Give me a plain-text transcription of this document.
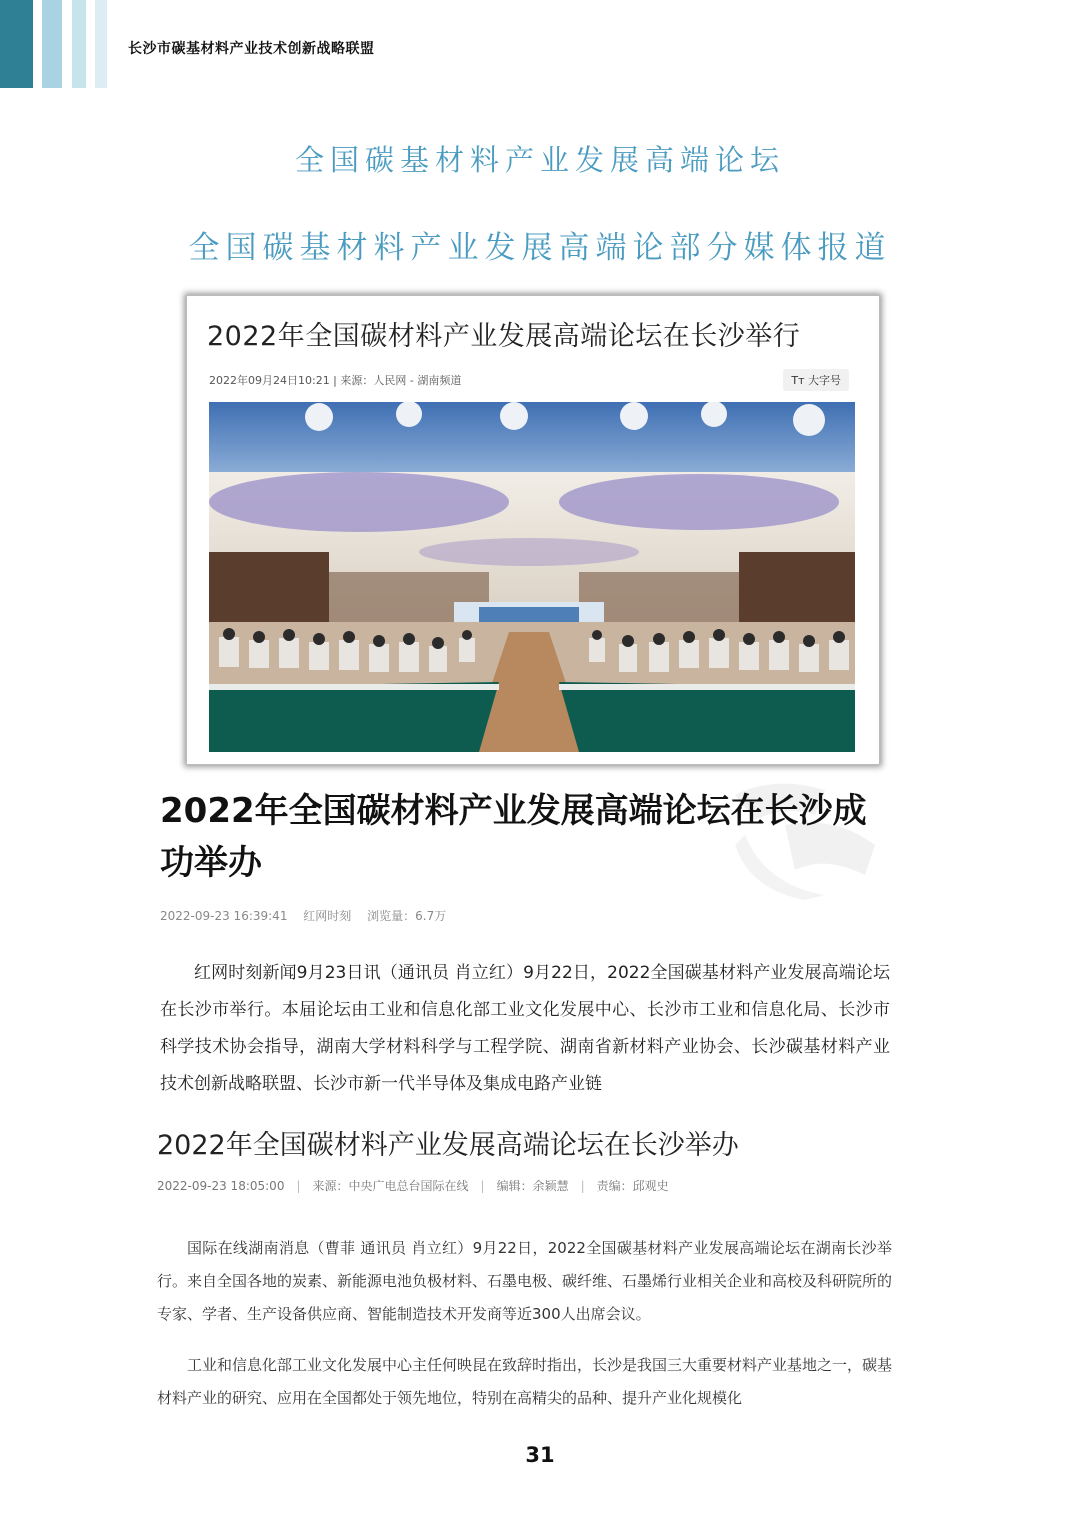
长沙市碳基材料产业技术创新战略联盟
全国碳基材料产业发展高端论坛
全国碳基材料产业发展高端论部分媒体报道
2022年全国碳材料产业发展高端论坛在长沙举行
2022年09月24日10:21 | 来源：人民网 - 湖南频道	Tт 大字号
2022年全国碳材料产业发展高端论坛在长沙成功举办
2022-09-23 16:39:41 红网时刻 浏览量：6.7万

红网时刻新闻9月23日讯（通讯员 肖立红）9月22日，2022全国碳基材料产业发展高端论坛在长沙市举行。本届论坛由工业和信息化部工业文化发展中心、长沙市工业和信息化局、长沙市科学技术协会指导，湖南大学材料科学与工程学院、湖南省新材料产业协会、长沙碳基材料产业技术创新战略联盟、长沙市新一代半导体及集成电路产业链

2022年全国碳材料产业发展高端论坛在长沙举办
2022-09-23 18:05:00 | 来源：中央广电总台国际在线 | 编辑：余颖慧 | 责编：邱观史

国际在线湖南消息（曹菲 通讯员 肖立红）9月22日，2022全国碳基材料产业发展高端论坛在湖南长沙举行。来自全国各地的炭素、新能源电池负极材料、石墨电极、碳纤维、石墨烯行业相关企业和高校及科研院所的专家、学者、生产设备供应商、智能制造技术开发商等近300人出席会议。

工业和信息化部工业文化发展中心主任何映昆在致辞时指出，长沙是我国三大重要材料产业基地之一，碳基材料产业的研究、应用在全国都处于领先地位，特别在高精尖的品种、提升产业化规模化

31
